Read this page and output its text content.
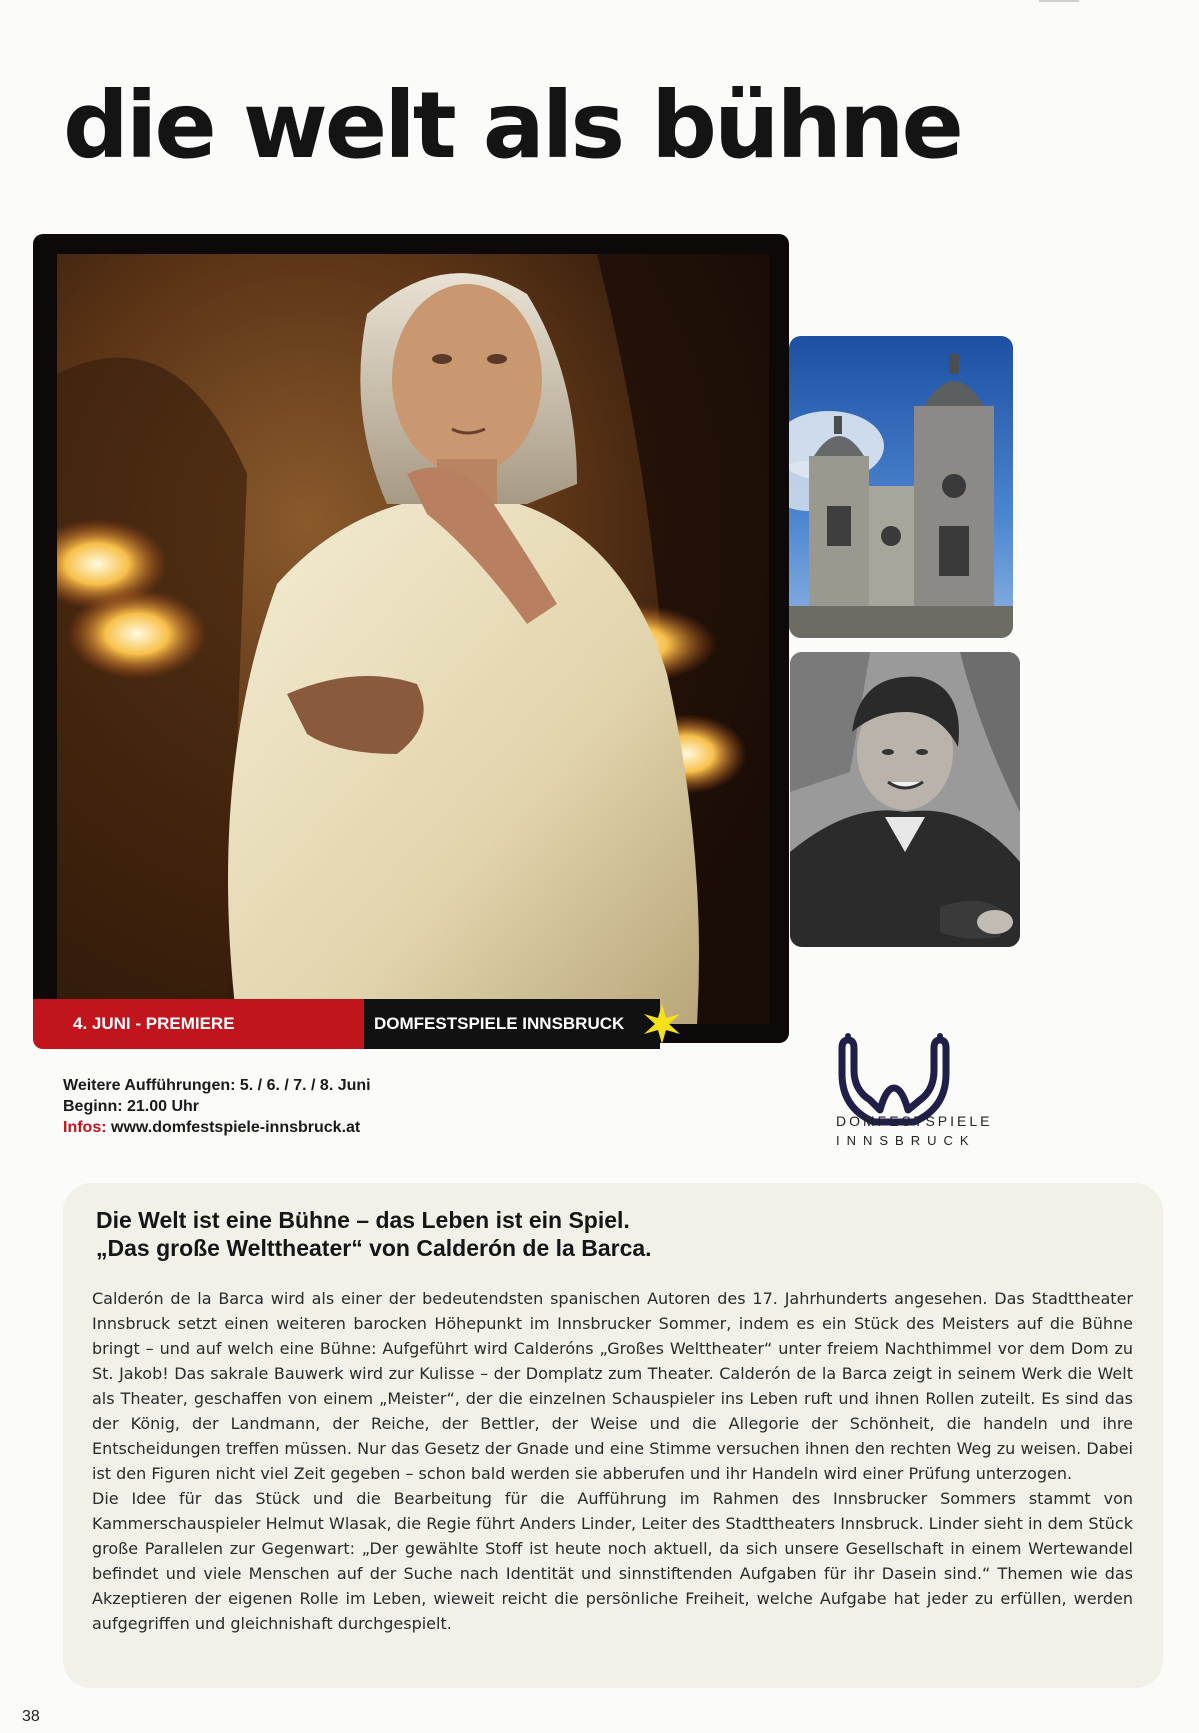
die welt als bühne
4. JUNI - PREMIERE	DOMFESTSPIELE INNSBRUCK
Weitere Aufführungen: 5. / 6. / 7. / 8. Juni
Beginn: 21.00 Uhr
Infos: www.domfestspiele-innsbruck.at	DOMFESTSPIELE
INNSBRUCK
Die Welt ist eine Bühne – das Leben ist ein Spiel.
„Das große Welttheater“ von Calderón de la Barca.

Calderón de la Barca wird als einer der bedeutendsten spanischen Autoren des 17. Jahrhunderts angesehen. Das Stadttheater Innsbruck setzt einen weiteren barocken Höhepunkt im Innsbrucker Sommer, indem es ein Stück des Meisters auf die Bühne bringt – und auf welch eine Bühne: Aufgeführt wird Calderóns „Großes Welttheater“ unter freiem Nachthimmel vor dem Dom zu St. Jakob! Das sakrale Bauwerk wird zur Kulisse – der Domplatz zum Theater. Calderón de la Barca zeigt in seinem Werk die Welt als Theater, geschaffen von einem „Meister“, der die einzelnen Schauspieler ins Leben ruft und ihnen Rollen zuteilt. Es sind das der König, der Landmann, der Reiche, der Bettler, der Weise und die Allegorie der Schönheit, die handeln und ihre Entscheidungen treffen müssen. Nur das Gesetz der Gnade und eine Stimme versuchen ihnen den rechten Weg zu weisen. Dabei ist den Figuren nicht viel Zeit gegeben – schon bald werden sie abberufen und ihr Handeln wird einer Prüfung unterzogen.

Die Idee für das Stück und die Bearbeitung für die Aufführung im Rahmen des Innsbrucker Sommers stammt von Kammerschauspieler Helmut Wlasak, die Regie führt Anders Linder, Leiter des Stadttheaters Innsbruck. Linder sieht in dem Stück große Parallelen zur Gegenwart: „Der gewählte Stoff ist heute noch aktuell, da sich unsere Gesellschaft in einem Wertewandel befindet und viele Menschen auf der Suche nach Identität und sinnstiftenden Aufgaben für ihr Dasein sind.“ Themen wie das Akzeptieren der eigenen Rolle im Leben, wieweit reicht die persönliche Freiheit, welche Aufgabe hat jeder zu erfüllen, werden aufgegriffen und gleichnishaft durchgespielt.

38
